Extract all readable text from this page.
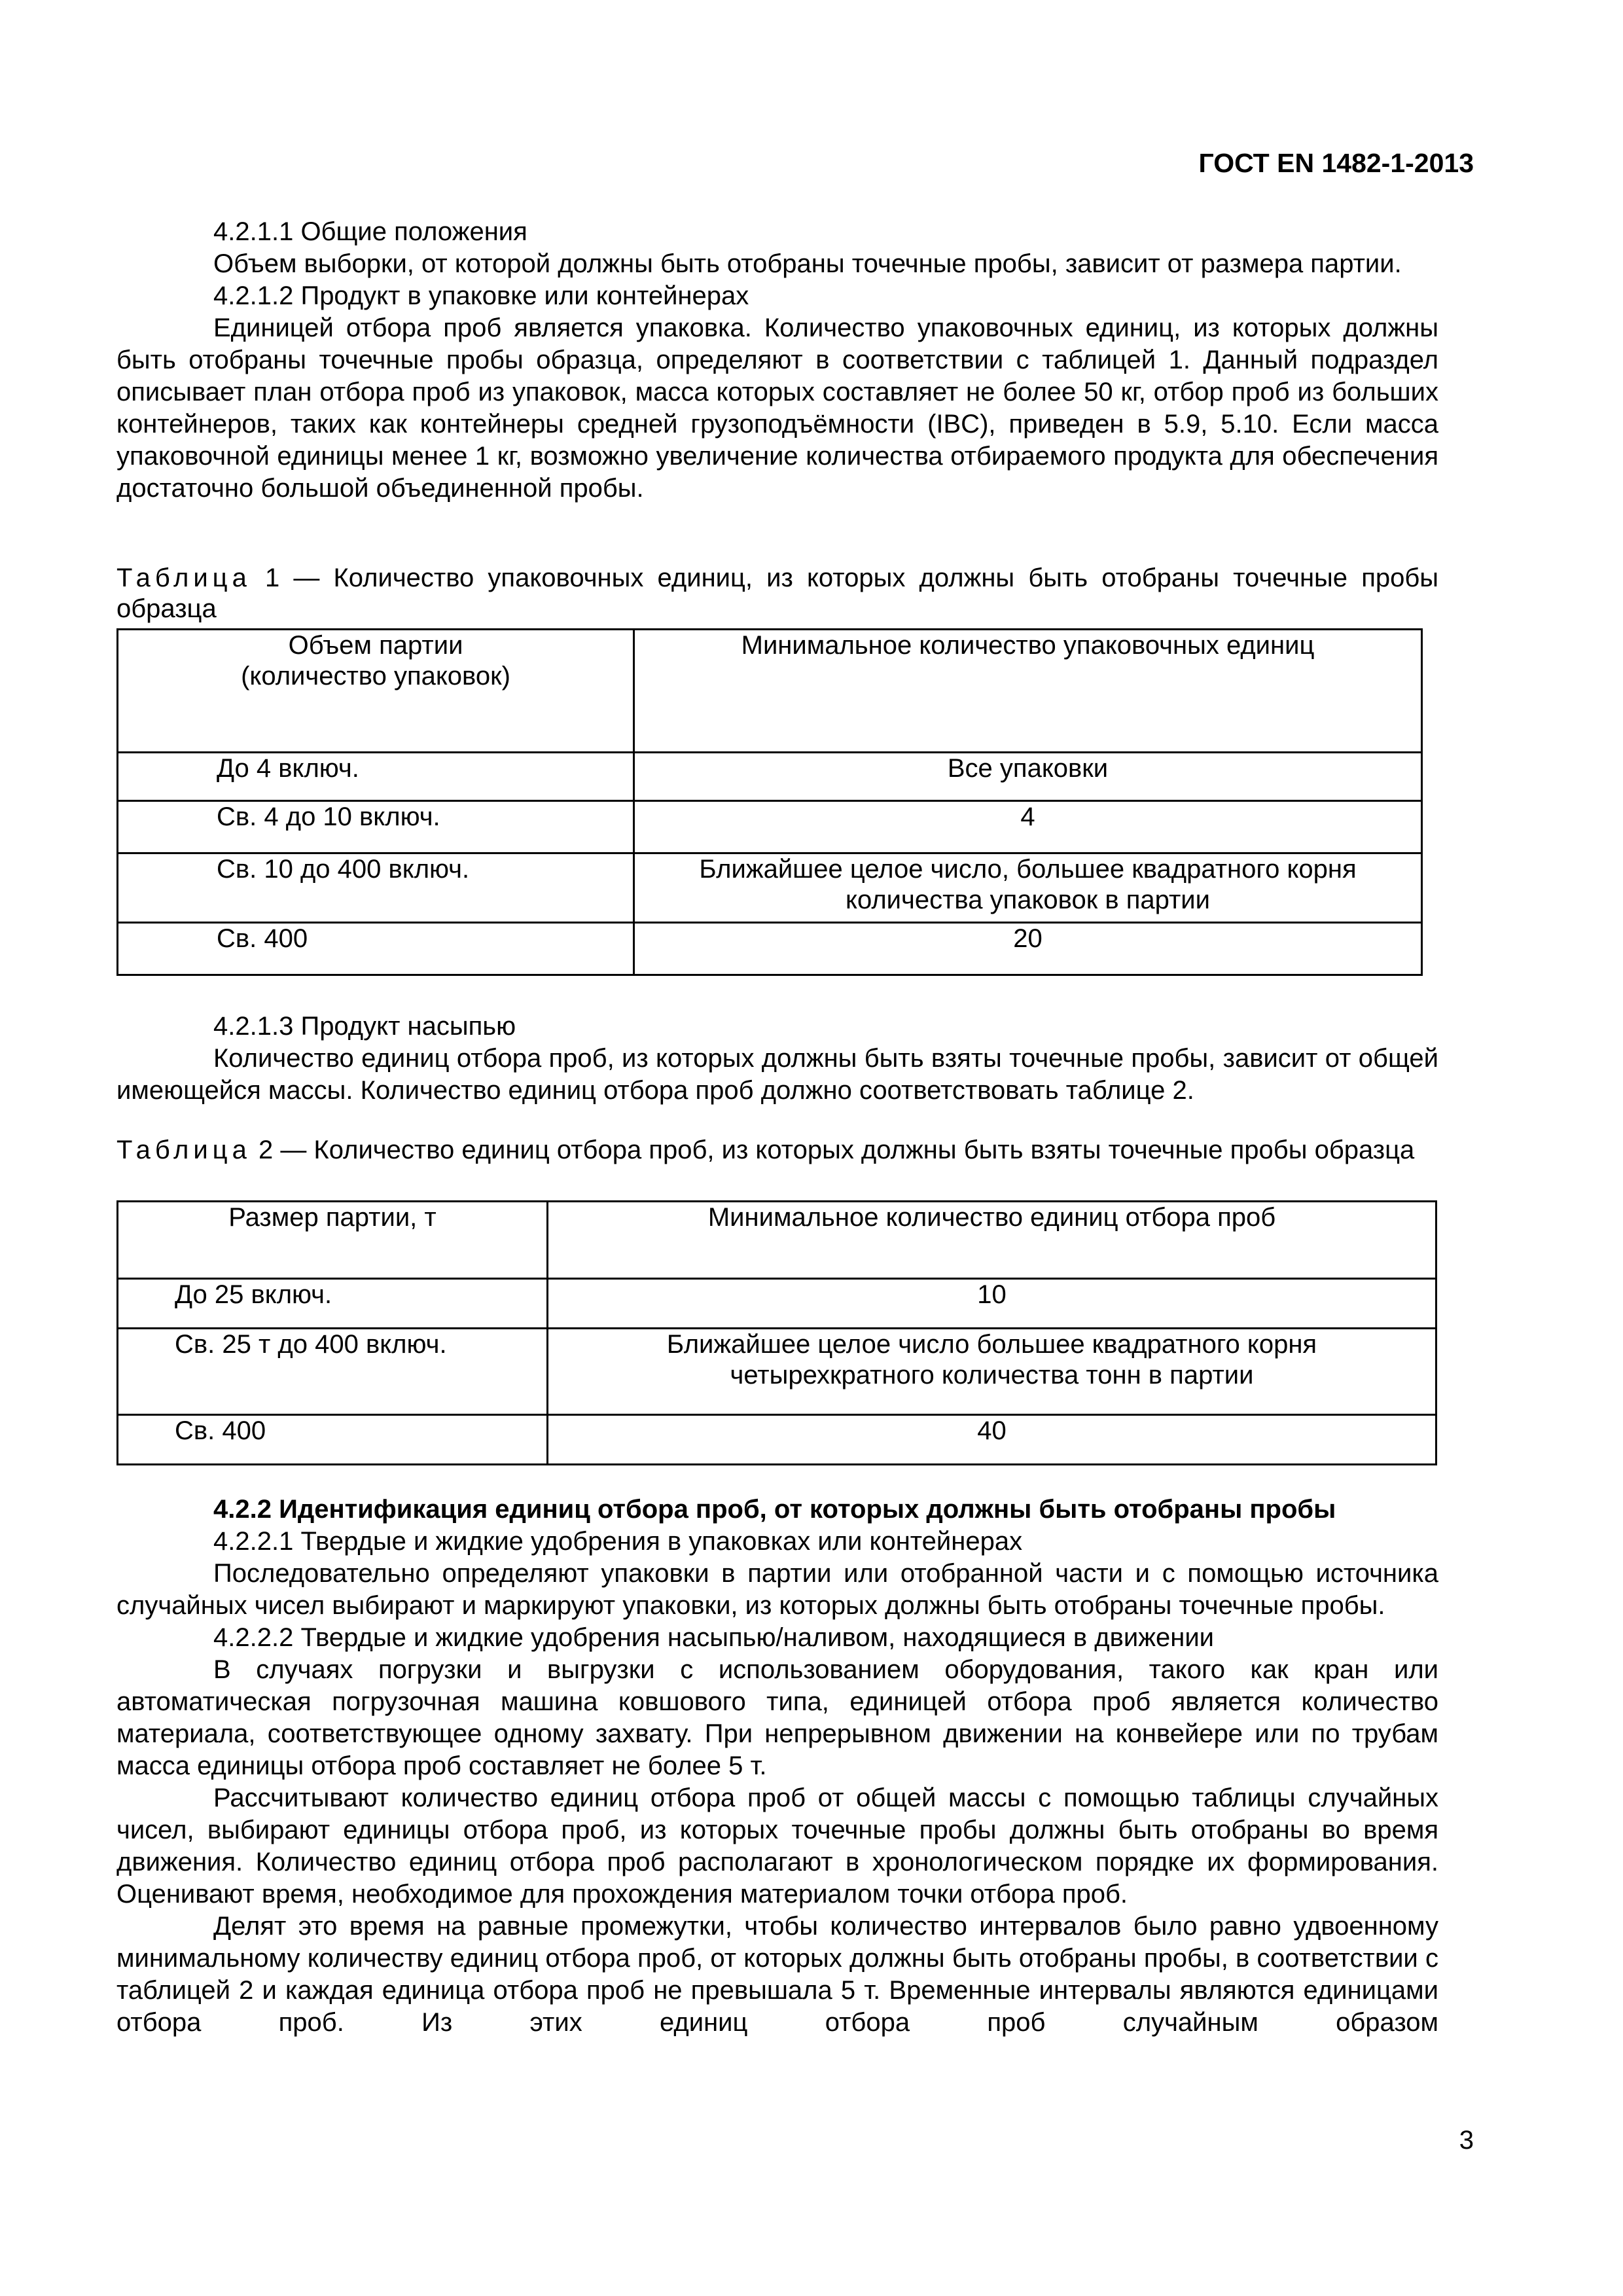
ГОСТ EN 1482-1-2013

4.2.1.1 Общие положения

Объем выборки, от которой должны быть отобраны точечные пробы, зависит от размера партии.

4.2.1.2 Продукт в упаковке или контейнерах

Единицей отбора проб является упаковка. Количество упаковочных единиц, из которых должны быть отобраны точечные пробы образца, определяют в соответствии с таблицей 1. Данный подраздел описывает план отбора проб из упаковок, масса которых составляет не более 50 кг, отбор проб из больших контейнеров, таких как контейнеры средней грузоподъёмности (IBC), приведен в 5.9, 5.10. Если масса упаковочной единицы менее 1 кг, возможно увеличение количества отбираемого продукта для обеспечения достаточно большой объединенной пробы.

Таблица 1 — Количество упаковочных единиц, из которых должны быть отобраны точечные пробы образца
Объем партии
(количество упаковок)	Минимальное количество упаковочных единиц
До 4 включ.	Все упаковки
Св. 4 до 10 включ.	4
Св. 10 до 400 включ.	Ближайшее целое число, большее квадратного корня
количества упаковок в партии

Св. 400	20

4.2.1.3 Продукт насыпью

Количество единиц отбора проб, из которых должны быть взяты точечные пробы, зависит от общей имеющейся массы. Количество единиц отбора проб должно соответствовать таблице 2.

Таблица 2 — Количество единиц отбора проб, из которых должны быть взяты точечные пробы образца
Размер партии, т	Минимальное количество единиц отбора проб
До 25 включ.	10
Св. 25 т до 400 включ.	Ближайшее целое число большее квадратного корня
четырехкратного количества тонн в партии

Св. 400	40

4.2.2 Идентификация единиц отбора проб, от которых должны быть отобраны пробы

4.2.2.1 Твердые и жидкие удобрения в упаковках или контейнерах

Последовательно определяют упаковки в партии или отобранной части и с помощью источника случайных чисел выбирают и маркируют упаковки, из которых должны быть отобраны точечные пробы.

4.2.2.2 Твердые и жидкие удобрения насыпью/наливом, находящиеся в движении

В случаях погрузки и выгрузки с использованием оборудования, такого как кран или автоматическая погрузочная машина ковшового типа, единицей отбора проб является количество материала, соответствующее одному захвату. При непрерывном движении на конвейере или по трубам масса единицы отбора проб составляет не более 5 т.

Рассчитывают количество единиц отбора проб от общей массы с помощью таблицы случайных чисел, выбирают единицы отбора проб, из которых точечные пробы должны быть отобраны во время движения. Количество единиц отбора проб располагают в хронологическом порядке их формирования. Оценивают время, необходимое для прохождения материалом точки отбора проб.

Делят это время на равные промежутки, чтобы количество интервалов было равно удвоенному минимальному количеству единиц отбора проб, от которых должны быть отобраны пробы, в соответствии с таблицей 2 и каждая единица отбора проб не превышала 5 т. Временные интервалы являются единицами отбора проб. Из этих единиц отбора проб случайным образом

3
